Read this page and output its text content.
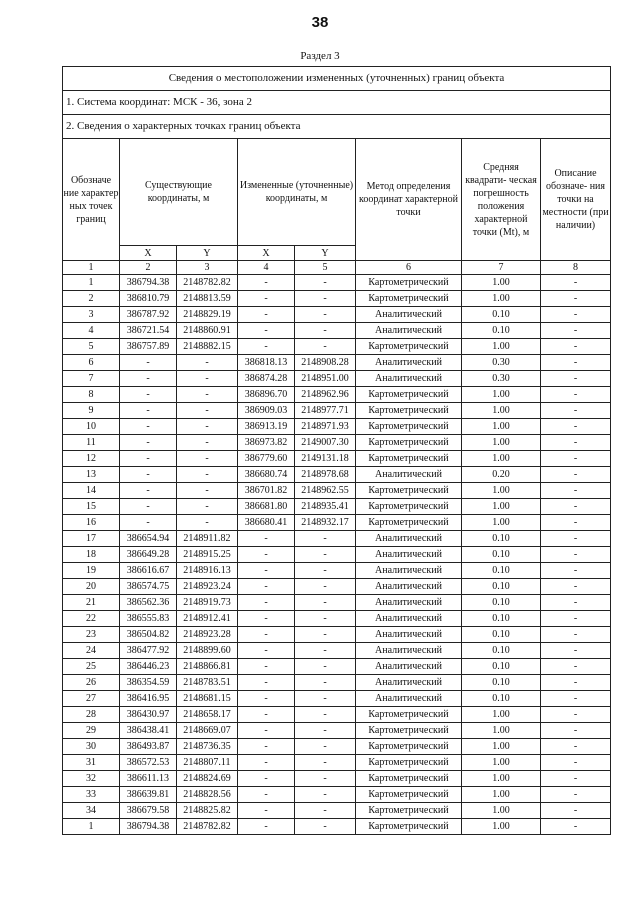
38
Раздел 3
Сведения о местоположении измененных (уточненных) границ объекта							
1. Система координат: МСК - 36, зона 2							
2. Сведения о характерных точках границ объекта							
Обозначе ние характер ных точек границ	Существующие координаты, м		Измененные (уточненные) координаты, м		Метод определения координат характерной точки	Средняя квадрати- ческая погрешность положения характерной точки (Mt), м	Описание обозначе- ния точки на местности (при наличии)
	X	Y	X	Y			
1	2	3	4	5	6	7	8
1	386794.38	2148782.82	-	-	Картометрический	1.00	-
2	386810.79	2148813.59	-	-	Картометрический	1.00	-
3	386787.92	2148829.19	-	-	Аналитический	0.10	-
4	386721.54	2148860.91	-	-	Аналитический	0.10	-
5	386757.89	2148882.15	-	-	Картометрический	1.00	-
6	-	-	386818.13	2148908.28	Аналитический	0.30	-
7	-	-	386874.28	2148951.00	Аналитический	0.30	-
8	-	-	386896.70	2148962.96	Картометрический	1.00	-
9	-	-	386909.03	2148977.71	Картометрический	1.00	-
10	-	-	386913.19	2148971.93	Картометрический	1.00	-
11	-	-	386973.82	2149007.30	Картометрический	1.00	-
12	-	-	386779.60	2149131.18	Картометрический	1.00	-
13	-	-	386680.74	2148978.68	Аналитический	0.20	-
14	-	-	386701.82	2148962.55	Картометрический	1.00	-
15	-	-	386681.80	2148935.41	Картометрический	1.00	-
16	-	-	386680.41	2148932.17	Картометрический	1.00	-
17	386654.94	2148911.82	-	-	Аналитический	0.10	-
18	386649.28	2148915.25	-	-	Аналитический	0.10	-
19	386616.67	2148916.13	-	-	Аналитический	0.10	-
20	386574.75	2148923.24	-	-	Аналитический	0.10	-
21	386562.36	2148919.73	-	-	Аналитический	0.10	-
22	386555.83	2148912.41	-	-	Аналитический	0.10	-
23	386504.82	2148923.28	-	-	Аналитический	0.10	-
24	386477.92	2148899.60	-	-	Аналитический	0.10	-
25	386446.23	2148866.81	-	-	Аналитический	0.10	-
26	386354.59	2148783.51	-	-	Аналитический	0.10	-
27	386416.95	2148681.15	-	-	Аналитический	0.10	-
28	386430.97	2148658.17	-	-	Картометрический	1.00	-
29	386438.41	2148669.07	-	-	Картометрический	1.00	-
30	386493.87	2148736.35	-	-	Картометрический	1.00	-
31	386572.53	2148807.11	-	-	Картометрический	1.00	-
32	386611.13	2148824.69	-	-	Картометрический	1.00	-
33	386639.81	2148828.56	-	-	Картометрический	1.00	-
34	386679.58	2148825.82	-	-	Картометрический	1.00	-
1	386794.38	2148782.82	-	-	Картометрический	1.00	-
